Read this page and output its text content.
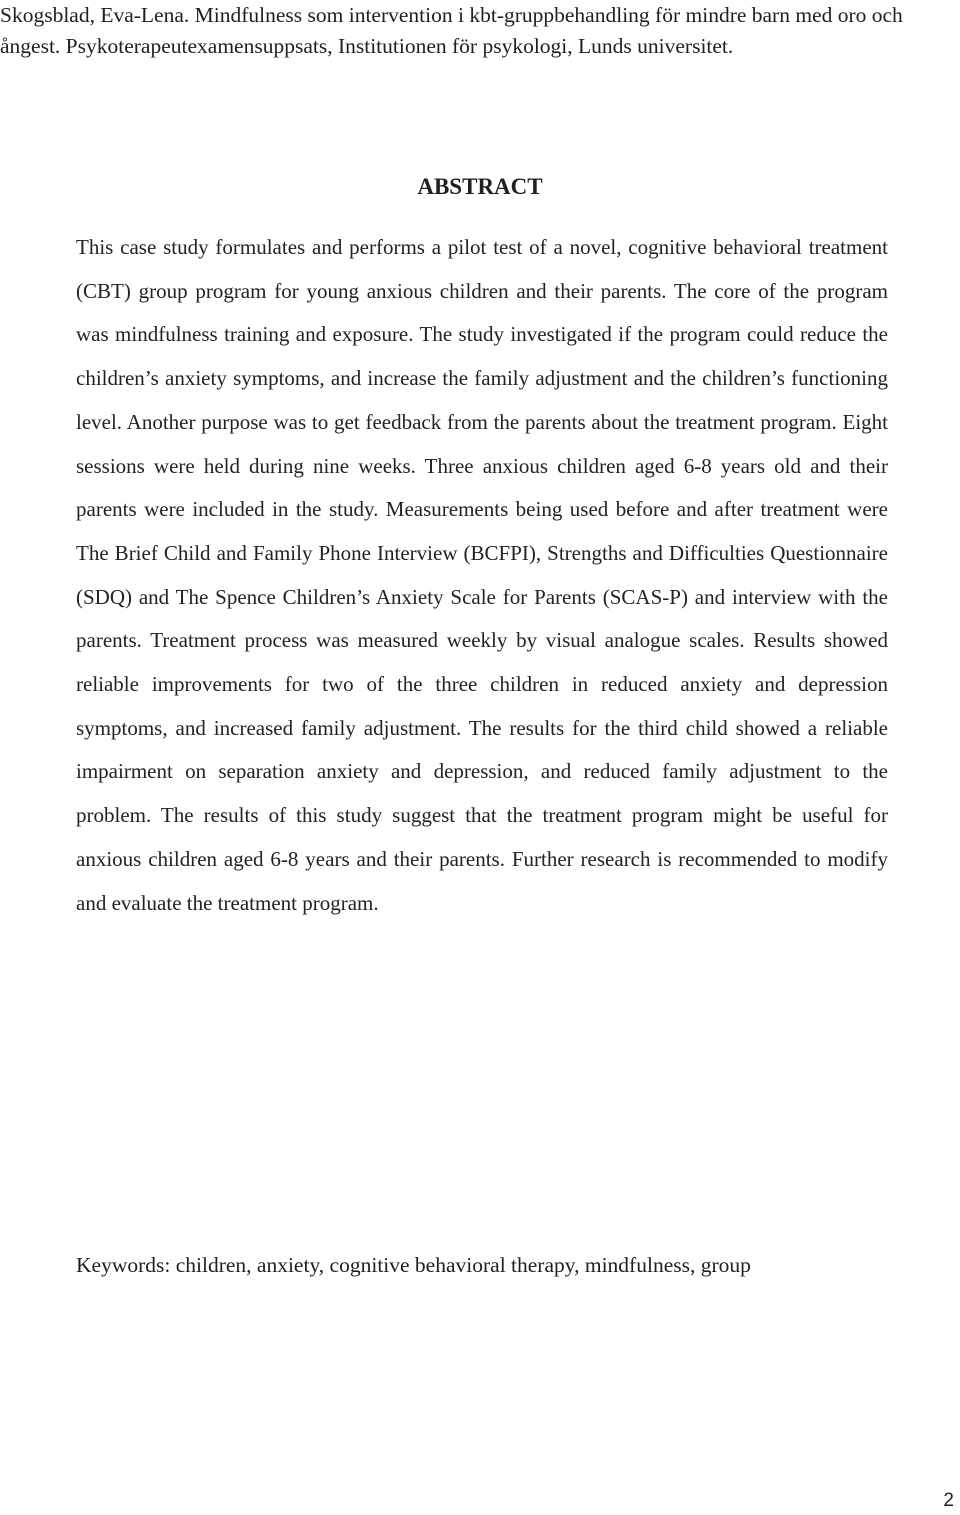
Skogsblad, Eva-Lena. Mindfulness som intervention i kbt-gruppbehandling för mindre barn med oro och ångest. Psykoterapeutexamensuppsats, Institutionen för psykologi, Lunds universitet.

ABSTRACT

This case study formulates and performs a pilot test of a novel, cognitive behavioral treatment (CBT) group program for young anxious children and their parents. The core of the program was mindfulness training and exposure. The study investigated if the program could reduce the children’s anxiety symptoms, and increase the family adjustment and the children’s functioning level. Another purpose was to get feedback from the parents about the treatment program. Eight sessions were held during nine weeks. Three anxious children aged 6-8 years old and their parents were included in the study. Measurements being used before and after treatment were The Brief Child and Family Phone Interview (BCFPI), Strengths and Difficulties Questionnaire (SDQ) and The Spence Children’s Anxiety Scale for Parents (SCAS-P) and interview with the parents. Treatment process was measured weekly by visual analogue scales. Results showed reliable improvements for two of the three children in reduced anxiety and depression symptoms, and increased family adjustment. The results for the third child showed a reliable impairment on separation anxiety and depression, and reduced family adjustment to the problem. The results of this study suggest that the treatment program might be useful for anxious children aged 6-8 years and their parents. Further research is recommended to modify and evaluate the treatment program.

Keywords: children, anxiety, cognitive behavioral therapy, mindfulness, group

2
